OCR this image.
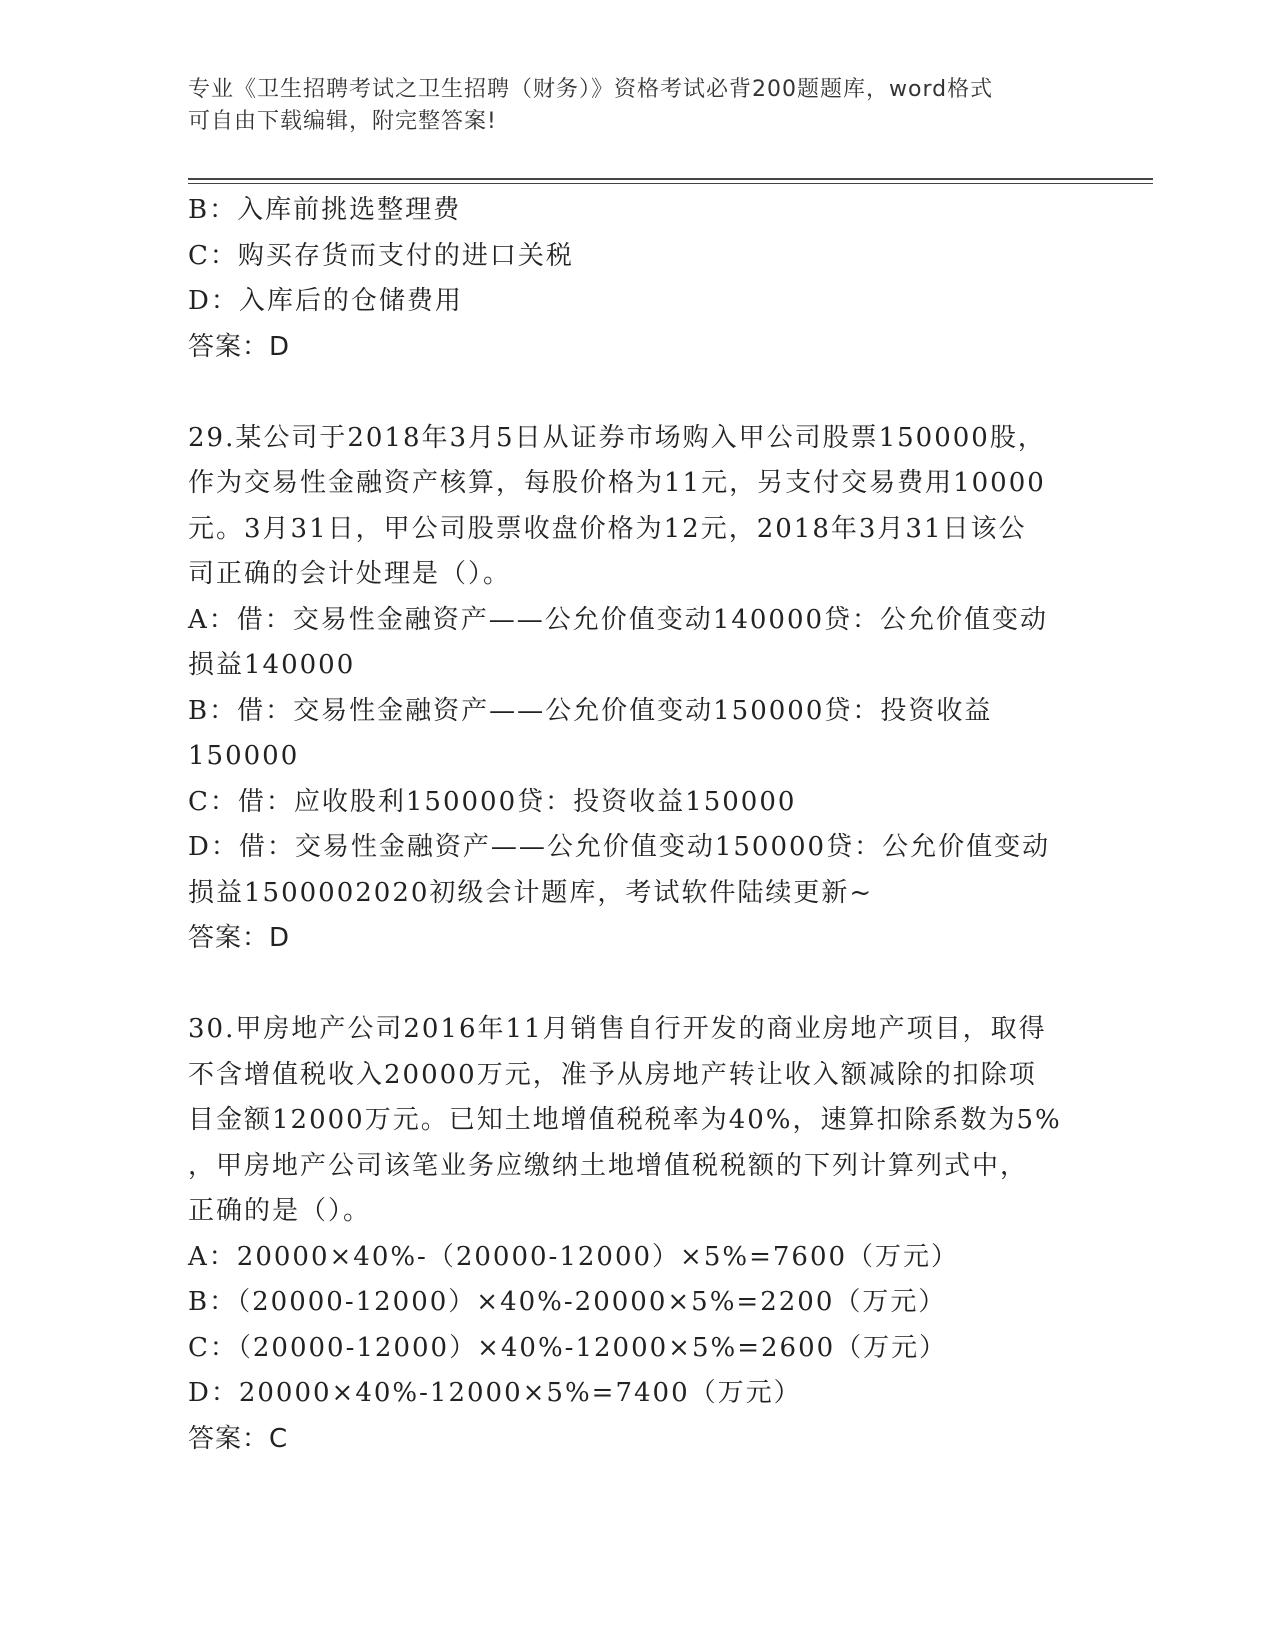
专业《卫生招聘考试之卫生招聘（财务）》资格考试必背200题题库，word格式
可自由下载编辑，附完整答案!
B：入库前挑选整理费
C：购买存货而支付的进口关税
D：入库后的仓储费用
答案：D
29.某公司于2018年3月5日从证券市场购入甲公司股票150000股，
作为交易性金融资产核算，每股价格为11元，另支付交易费用10000
元。3月31日，甲公司股票收盘价格为12元，2018年3月31日该公
司正确的会计处理是（）。
A：借：交易性金融资产——公允价值变动140000贷：公允价值变动
损益140000
B：借：交易性金融资产——公允价值变动150000贷：投资收益
150000
C：借：应收股利150000贷：投资收益150000
D：借：交易性金融资产——公允价值变动150000贷：公允价值变动
损益1500002020初级会计题库，考试软件陆续更新~
答案：D
30.甲房地产公司2016年11月销售自行开发的商业房地产项目，取得
不含增值税收入20000万元，准予从房地产转让收入额减除的扣除项
目金额12000万元。已知土地增值税税率为40%，速算扣除系数为5%
，甲房地产公司该笔业务应缴纳土地增值税税额的下列计算列式中，
正确的是（）。
A：20000×40%-（20000-12000）×5%=7600（万元）
B：（20000-12000）×40%-20000×5%=2200（万元）
C：（20000-12000）×40%-12000×5%=2600（万元）
D：20000×40%-12000×5%=7400（万元）
答案：C
